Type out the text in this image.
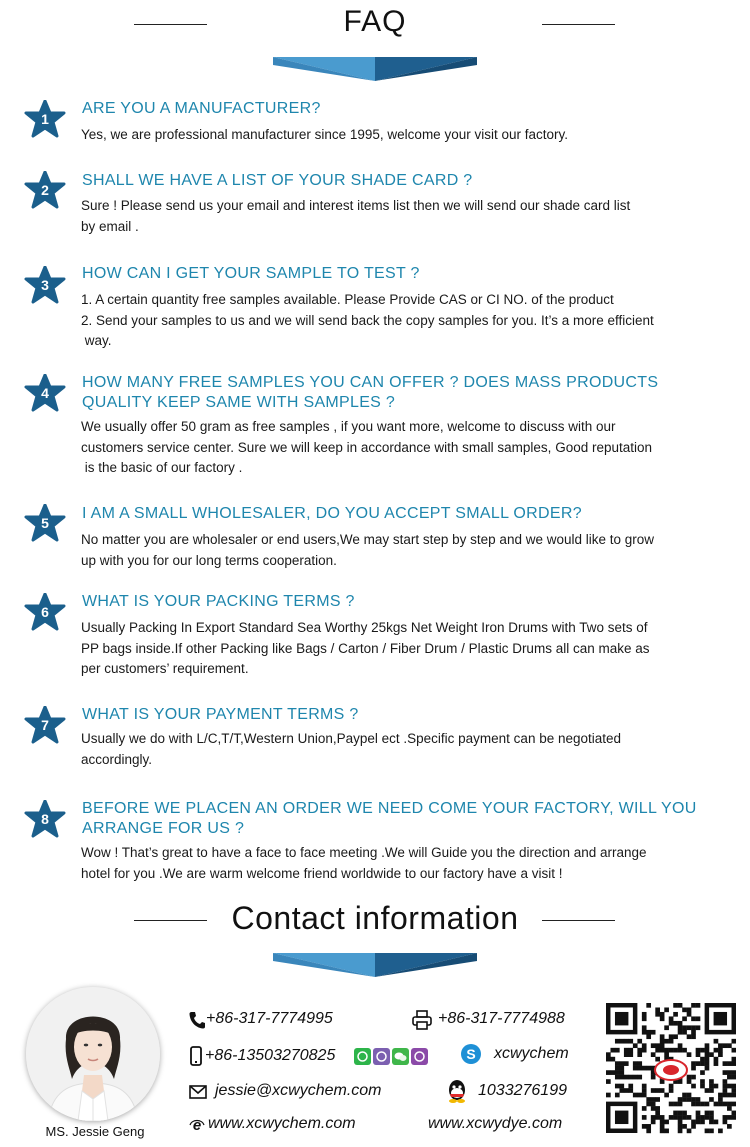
FAQ
1
ARE YOU A MANUFACTURER?
Yes, we are professional manufacturer since 1995, welcome your visit our factory.
2
SHALL WE HAVE A LIST OF YOUR SHADE CARD ?
Sure ! Please send us your email and interest items list then we will send our shade card list
by email .
3
HOW CAN I GET YOUR SAMPLE TO TEST ?
1. A certain quantity free samples available. Please Provide CAS or CI NO. of the product
2. Send your samples to us and we will send back the copy samples for you. It’s a more efficient
way.
4
HOW MANY FREE SAMPLES YOU CAN OFFER ? DOES MASS PRODUCTS QUALITY KEEP SAME WITH SAMPLES ?
We usually offer 50 gram as free samples , if you want more, welcome to discuss with our
customers service center. Sure we will keep in accordance with small samples, Good reputation
is the basic of our factory .
5
I AM A SMALL WHOLESALER, DO YOU ACCEPT SMALL ORDER?
No matter you are wholesaler or end users,We may start step by step and we would like to grow
up with you for our long terms cooperation.
6
WHAT IS YOUR PACKING TERMS ?
Usually Packing In Export Standard Sea Worthy 25kgs Net Weight Iron Drums with Two sets of
PP bags inside.If other Packing like Bags / Carton / Fiber Drum / Plastic Drums all can make as
per customers’ requirement.
7
WHAT IS YOUR PAYMENT TERMS ?
Usually we do with L/C,T/T,Western Union,Paypel ect .Specific payment can be negotiated
accordingly.
8
BEFORE WE PLACEN AN ORDER WE NEED COME YOUR FACTORY, WILL YOU ARRANGE FOR US ?
Wow ! That’s great to have a face to face meeting .We will Guide you the direction and arrange
hotel for you .We are warm welcome friend worldwide to our factory have a visit !
Contact information
MS. Jessie Geng
+86-317-7774995	+86-317-7774988
+86-13503270825	S xcwychem
jessie@xcwychem.com	1033276199
e www.xcwychem.com	www.xcwydye.com
